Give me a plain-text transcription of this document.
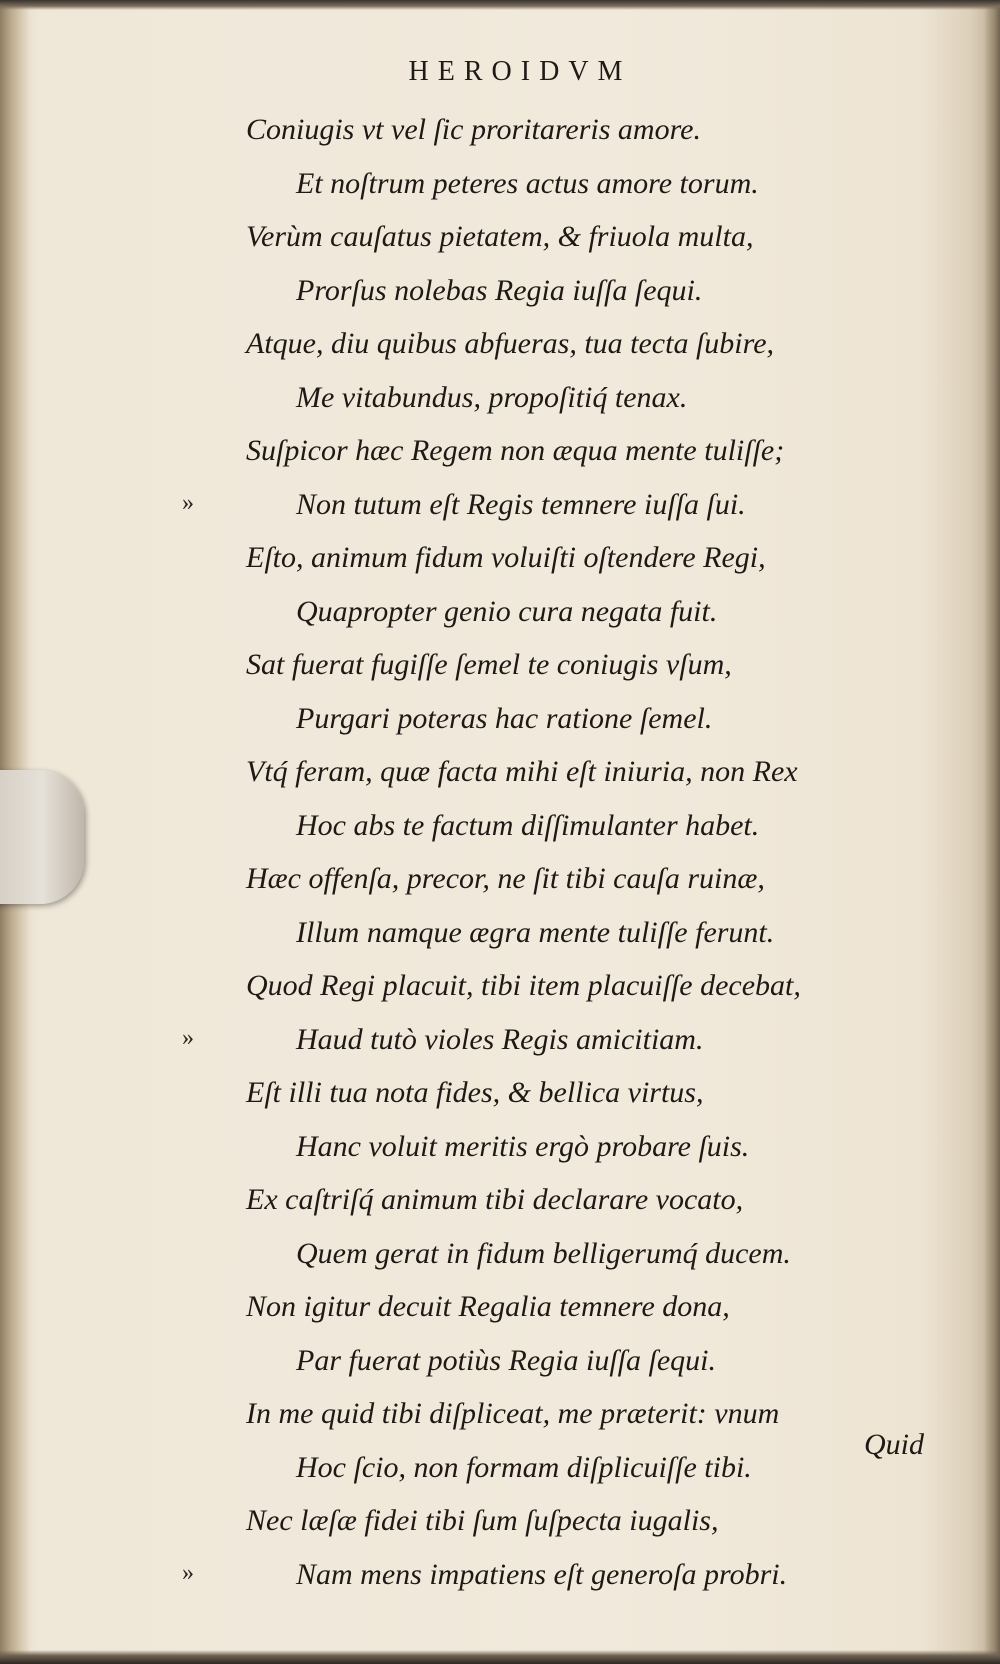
HEROIDVM
Coniugis vt vel ſic proritareris amore.
Et noſtrum peteres actus amore torum.
Verùm cauſatus pietatem, & friuola multa,
Prorſus nolebas Regia iuſſa ſequi.
Atque, diu quibus abfueras, tua tecta ſubire,
Me vitabundus, propoſitiq́ tenax.
Suſpicor hæc Regem non æqua mente tuliſſe;
»	Non tutum eſt Regis temnere iuſſa ſui.
Eſto, animum fidum voluiſti oſtendere Regi,
Quapropter genio cura negata fuit.
Sat fuerat fugiſſe ſemel te coniugis vſum,
Purgari poteras hac ratione ſemel.
Vtq́ feram, quæ facta mihi eſt iniuria, non Rex
Hoc abs te factum diſſimulanter habet.
Hæc offenſa, precor, ne ſit tibi cauſa ruinæ,
Illum namque ægra mente tuliſſe ferunt.
Quod Regi placuit, tibi item placuiſſe decebat,
»	Haud tutò violes Regis amicitiam.
Eſt illi tua nota fides, & bellica virtus,
Hanc voluit meritis ergò probare ſuis.
Ex caſtriſq́ animum tibi declarare vocato,
Quem gerat in fidum belligerumq́ ducem.
Non igitur decuit Regalia temnere dona,
Par fuerat potiùs Regia iuſſa ſequi.
In me quid tibi diſpliceat, me præterit: vnum
Hoc ſcio, non formam diſplicuiſſe tibi.
Nec læſæ fidei tibi ſum ſuſpecta iugalis,
»	Nam mens impatiens eſt generoſa probri.
Quid
